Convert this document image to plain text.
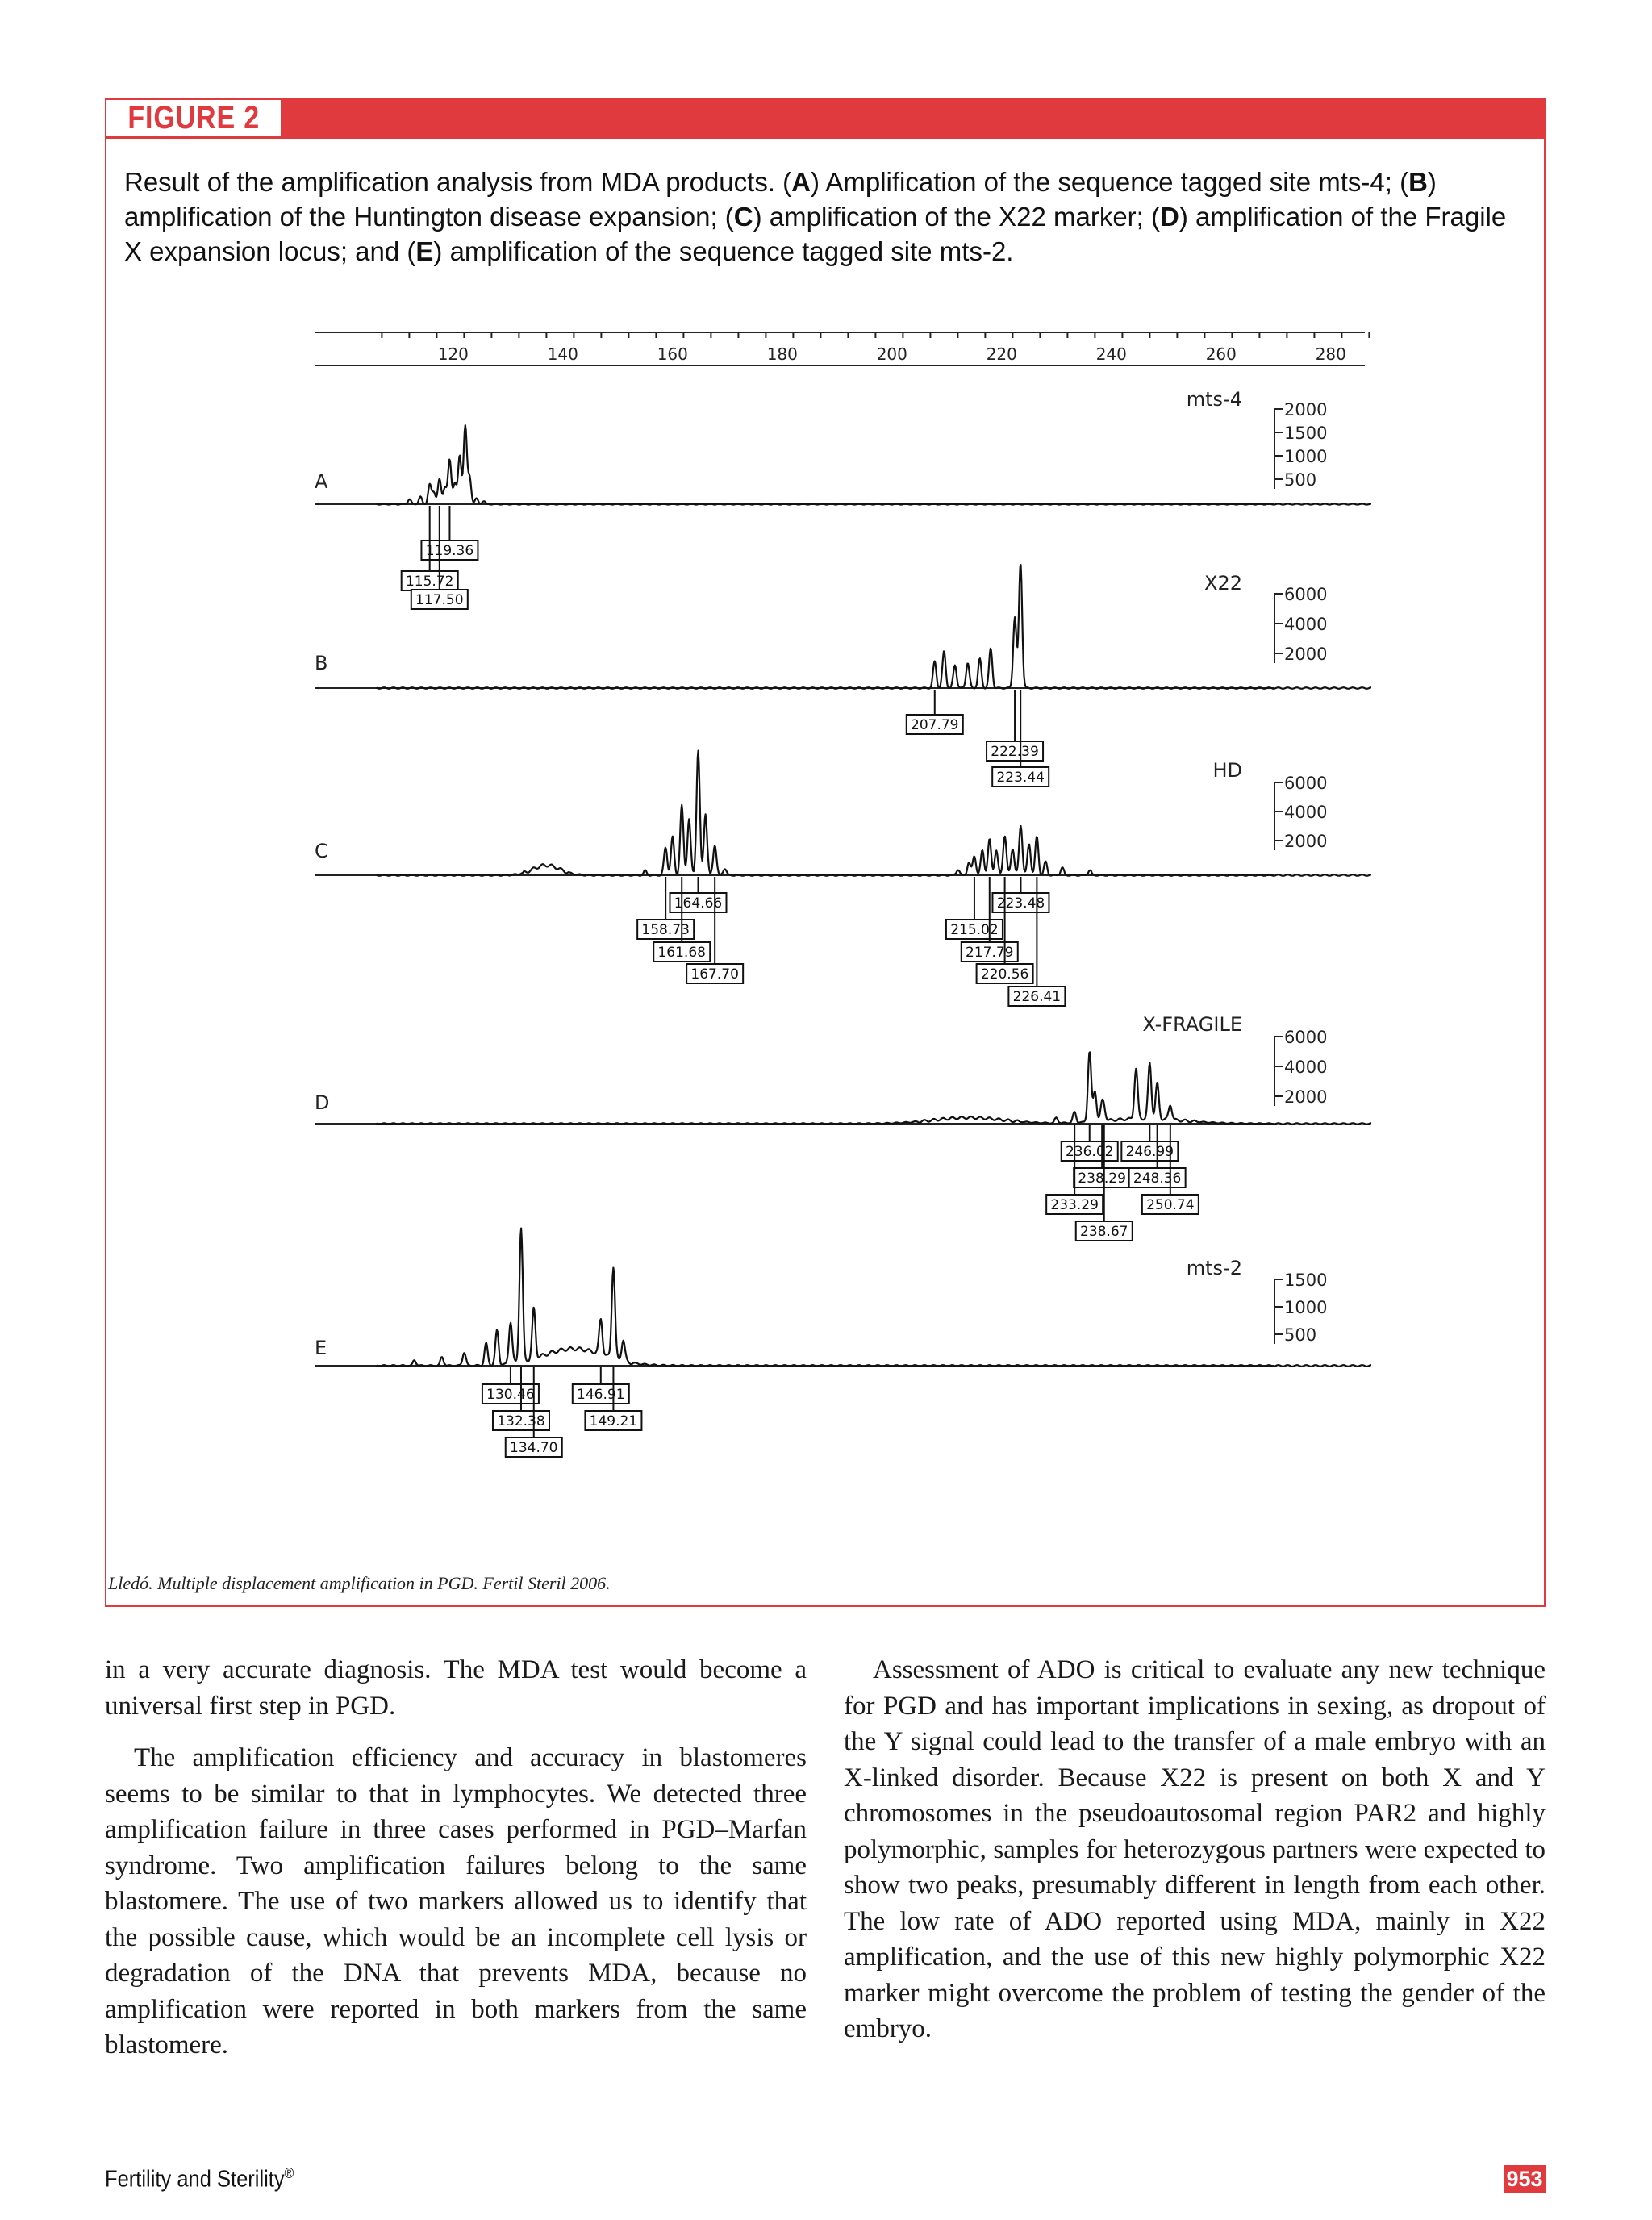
FIGURE 2
Result of the amplification analysis from MDA products. (A) Amplification of the sequence tagged site mts-4; (B) amplification of the Huntington disease expansion; (C) amplification of the X22 marker; (D) amplification of the Fragile X expansion locus; and (E) amplification of the sequence tagged site mts-2.
Lledó. Multiple displacement amplification in PGD. Fertil Steril 2006.
120	140	160	180	200	220	240	260	280
A
mts-4 2000
1500
1000
500
119.36
115.72
117.50
B
X22 6000
4000
2000
207.79
222.39
223.44
C
HD
6000
4000
2000
164.66
158.73
161.68
167.70
223.48
215.02
217.79
220.56
226.41
D
X-FRAGILE
6000
4000
2000
236.02 246.99
238.29 248.36
233.29	250.74
238.67
E
mts-2
1500
1000
500
130.46	146.91
132.38	149.21
134.70

in a very accurate diagnosis. The MDA test would become a universal first step in PGD.

The amplification efficiency and accuracy in blastomeres seems to be similar to that in lymphocytes. We detected three amplification failure in three cases performed in PGD–Marfan syndrome. Two amplification failures belong to the same blastomere. The use of two markers allowed us to identify that the possible cause, which would be an incomplete cell lysis or degradation of the DNA that prevents MDA, because no amplification were reported in both markers from the same blastomere.

Assessment of ADO is critical to evaluate any new technique for PGD and has important implications in sexing, as dropout of the Y signal could lead to the transfer of a male embryo with an X-linked disorder. Because X22 is present on both X and Y chromosomes in the pseudoautosomal region PAR2 and highly polymorphic, samples for heterozygous partners were expected to show two peaks, presumably different in length from each other. The low rate of ADO reported using MDA, mainly in X22 amplification, and the use of this new highly polymorphic X22 marker might overcome the problem of testing the gender of the embryo.

Fertility and Sterility®	953
